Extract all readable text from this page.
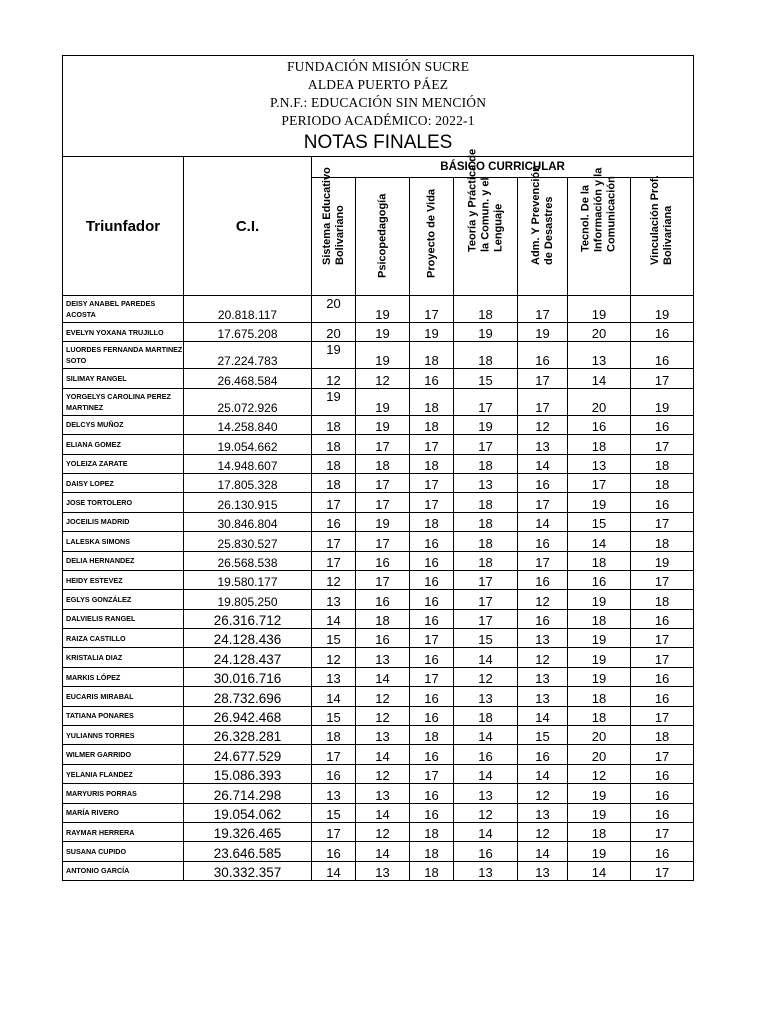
FUNDACIÓN MISIÓN SUCRE
ALDEA PUERTO PÁEZ
P.N.F.: EDUCACIÓN SIN MENCIÓN
PERIODO ACADÉMICO: 2022-1
NOTAS FINALES								

Triunfador	C.I.	BÁSICO CURRICULAR						

		Sistema Educativo Bolivariano	Psicopedagogía	Proyecto de Vida	Teoría y Práctica de la Comun. y el Lenguaje	Adm. Y Prevención de Desastres	Tecnol. De la Información y la Comunicación	Vinculación Prof. Bolivariana

DEISY ANABEL PAREDES ACOSTA	20.818.117	20	19	17	18	17	19	19
EVELYN YOXANA TRUJILLO	17.675.208	20	19	19	19	19	20	16
LUORDES FERNANDA MARTINEZ SOTO	27.224.783	19	19	18	18	16	13	16
SILIMAY RANGEL	26.468.584	12	12	16	15	17	14	17
YORGELYS CAROLINA PEREZ MARTINEZ	25.072.926	19	19	18	17	17	20	19
DELCYS MUÑOZ	14.258.840	18	19	18	19	12	16	16
ELIANA GOMEZ	19.054.662	18	17	17	17	13	18	17
YOLEIZA ZARATE	14.948.607	18	18	18	18	14	13	18
DAISY LOPEZ	17.805.328	18	17	17	13	16	17	18
JOSE TORTOLERO	26.130.915	17	17	17	18	17	19	16
JOCEILIS MADRID	30.846.804	16	19	18	18	14	15	17
LALESKA SIMONS	25.830.527	17	17	16	18	16	14	18
DELIA HERNANDEZ	26.568.538	17	16	16	18	17	18	19
HEIDY ESTEVEZ	19.580.177	12	17	16	17	16	16	17
EGLYS GONZÁLEZ	19.805.250	13	16	16	17	12	19	18
DALVIELIS RANGEL	26.316.712	14	18	16	17	16	18	16
RAIZA CASTILLO	24.128.436	15	16	17	15	13	19	17
KRISTALIA DIAZ	24.128.437	12	13	16	14	12	19	17
MARKIS LÓPEZ	30.016.716	13	14	17	12	13	19	16
EUCARIS MIRABAL	28.732.696	14	12	16	13	13	18	16
TATIANA PONARES	26.942.468	15	12	16	18	14	18	17
YULIANNS TORRES	26.328.281	18	13	18	14	15	20	18
WILMER GARRIDO	24.677.529	17	14	16	16	16	20	17
YELANIA FLANDEZ	15.086.393	16	12	17	14	14	12	16
MARYURIS PORRAS	26.714.298	13	13	16	13	12	19	16
MARÍA RIVERO	19.054.062	15	14	16	12	13	19	16
RAYMAR HERRERA	19.326.465	17	12	18	14	12	18	17
SUSANA CUPIDO	23.646.585	16	14	18	16	14	19	16
ANTONIO GARCÍA	30.332.357	14	13	18	13	13	14	17
